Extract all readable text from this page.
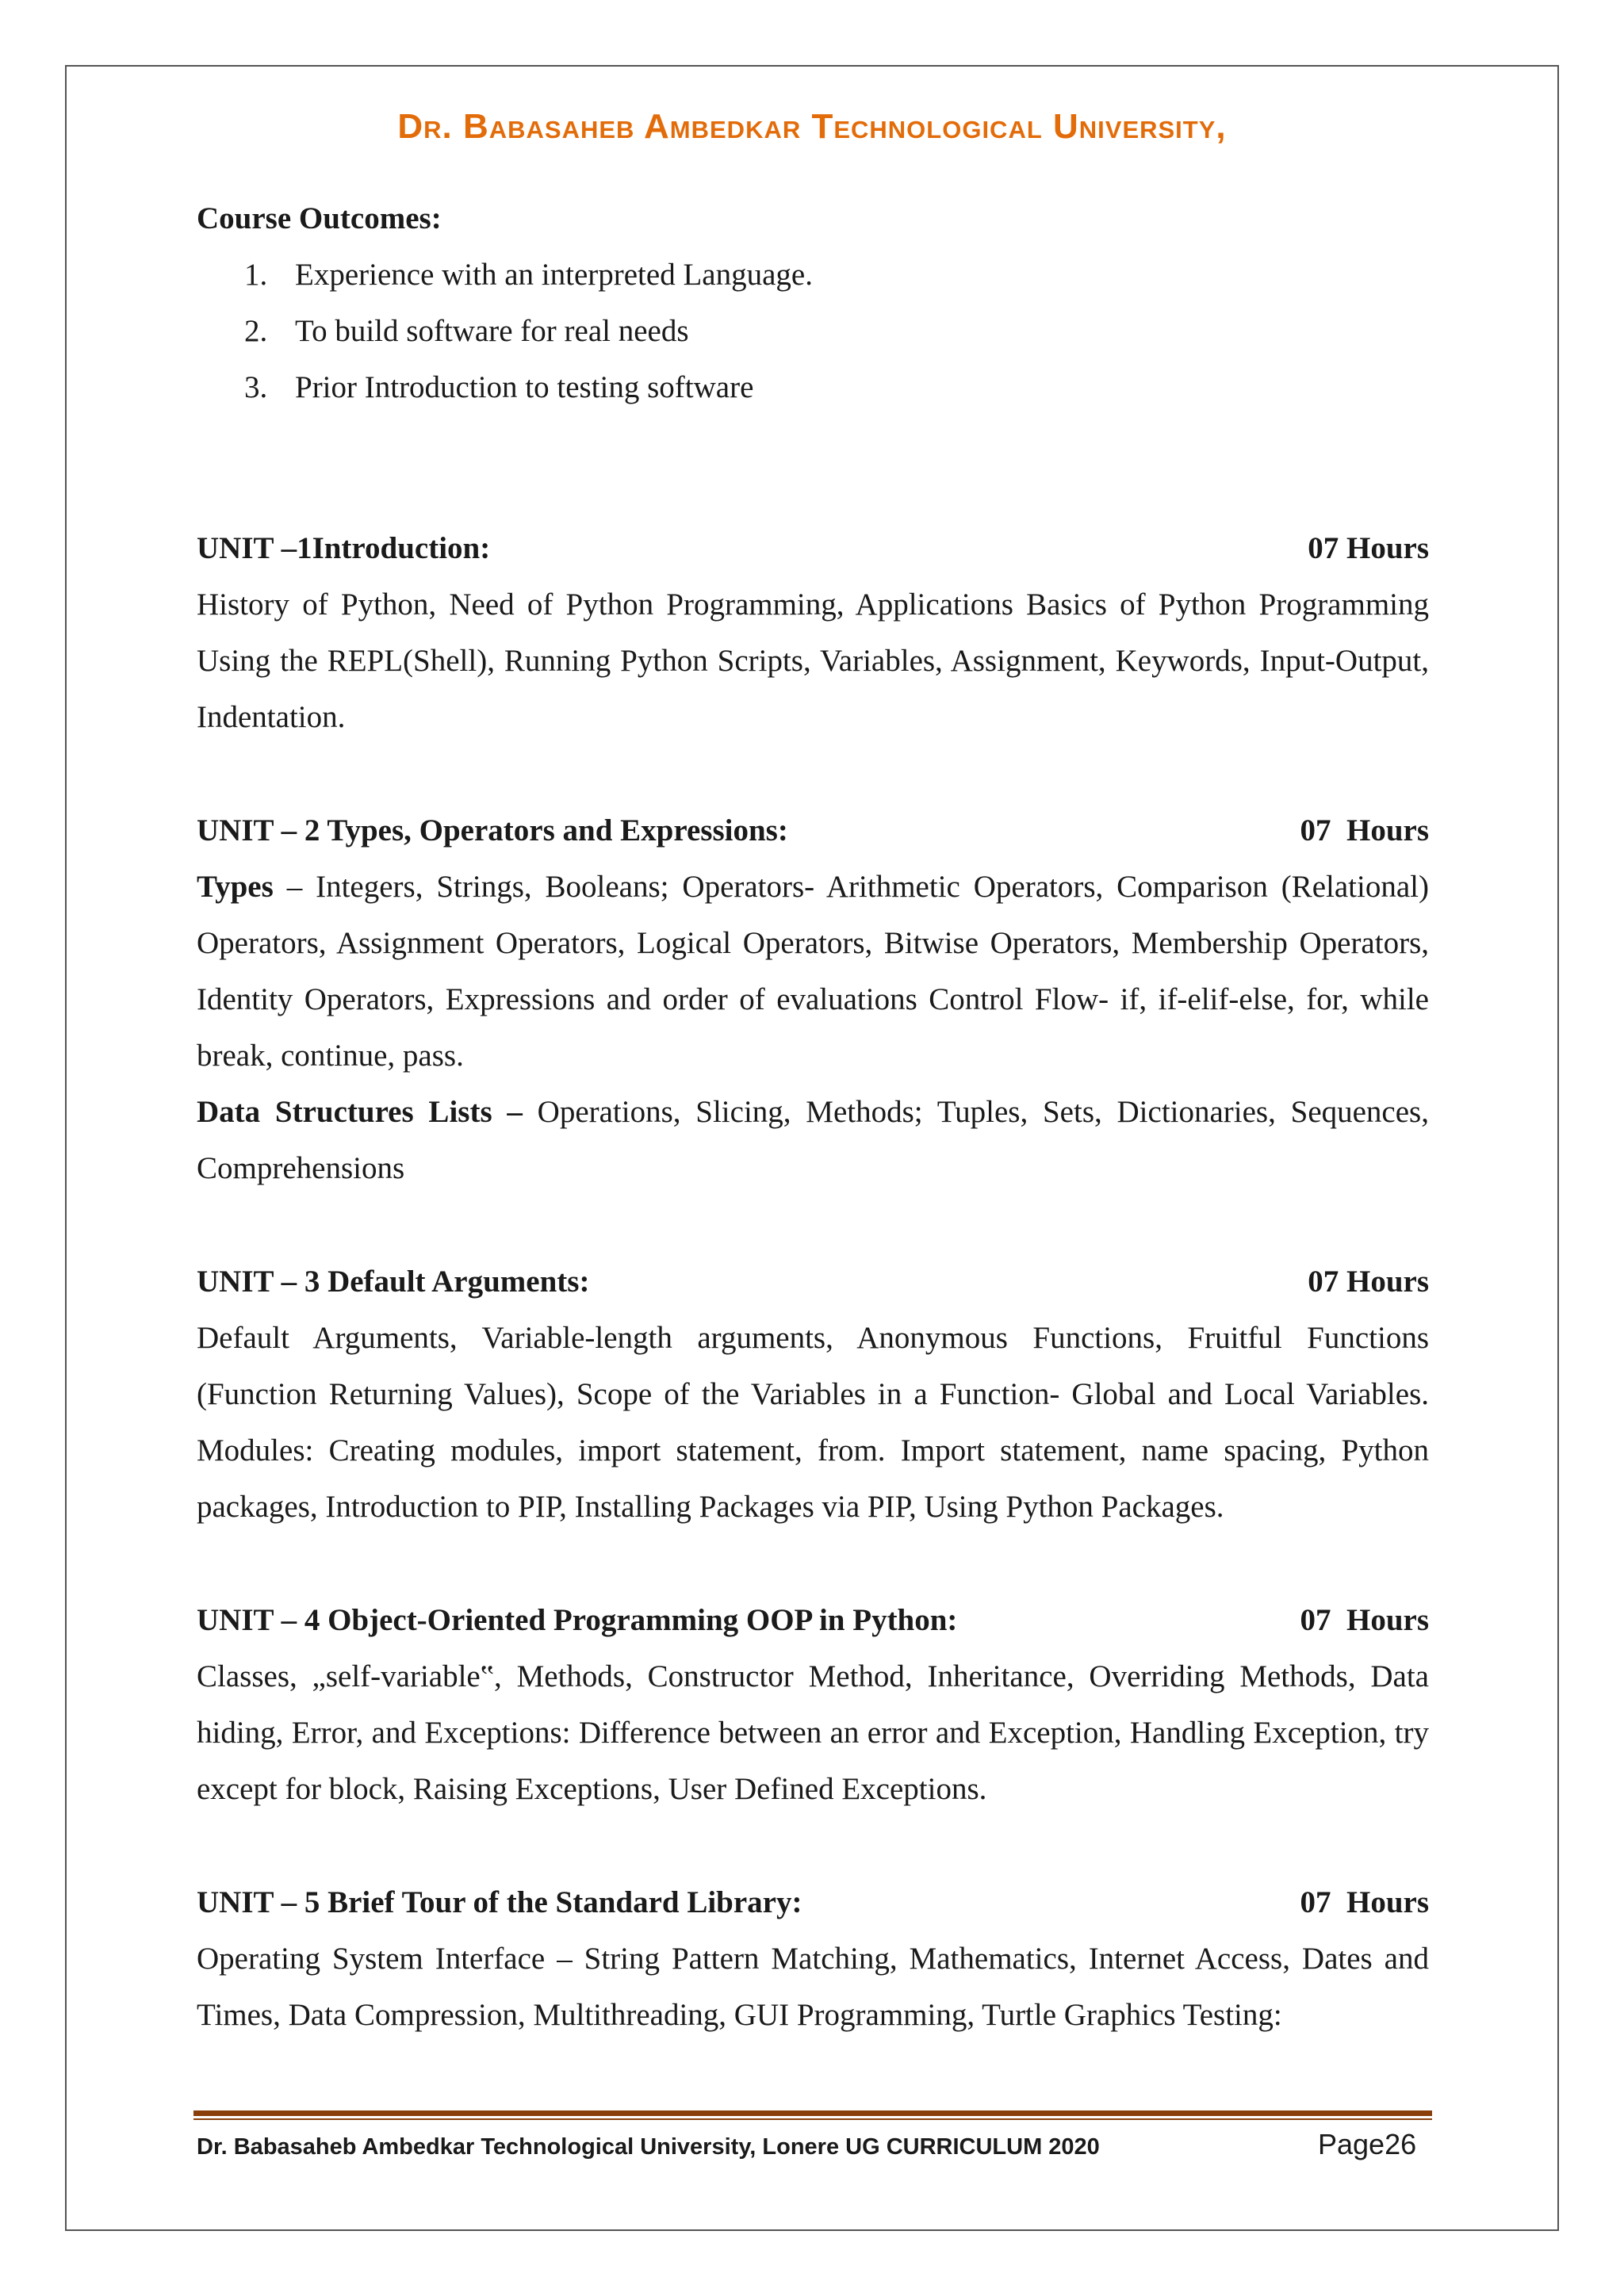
Dr. Babasaheb Ambedkar Technological University,
Course Outcomes:
1. Experience with an interpreted Language.
2. To build software for real needs
3. Prior Introduction to testing software
UNIT –1Introduction:	07 Hours

History of Python, Need of Python Programming, Applications Basics of Python Programming Using the REPL(Shell), Running Python Scripts, Variables, Assignment, Keywords, Input-Output, Indentation.

UNIT – 2 Types, Operators and Expressions:	07  Hours

Types – Integers, Strings, Booleans; Operators- Arithmetic Operators, Comparison (Relational) Operators, Assignment Operators, Logical Operators, Bitwise Operators, Membership Operators, Identity Operators, Expressions and order of evaluations Control Flow- if, if-elif-else, for, while break, continue, pass.

Data Structures Lists – Operations, Slicing, Methods; Tuples, Sets, Dictionaries, Sequences, Comprehensions

UNIT – 3 Default Arguments:	07 Hours

Default Arguments, Variable-length arguments, Anonymous Functions, Fruitful Functions (Function Returning Values), Scope of the Variables in a Function- Global and Local Variables. Modules: Creating modules, import statement, from. Import statement, name spacing, Python packages, Introduction to PIP, Installing Packages via PIP, Using Python Packages.

UNIT – 4 Object-Oriented Programming OOP in Python:	07  Hours

Classes, „self-variable‟, Methods, Constructor Method, Inheritance, Overriding Methods, Data hiding, Error, and Exceptions: Difference between an error and Exception, Handling Exception, try except for block, Raising Exceptions, User Defined Exceptions.

UNIT – 5 Brief Tour of the Standard Library:	07  Hours

Operating System Interface – String Pattern Matching, Mathematics, Internet Access, Dates and Times, Data Compression, Multithreading, GUI Programming, Turtle Graphics Testing:

Dr. Babasaheb Ambedkar Technological University, Lonere UG CURRICULUM 2020	Page26
